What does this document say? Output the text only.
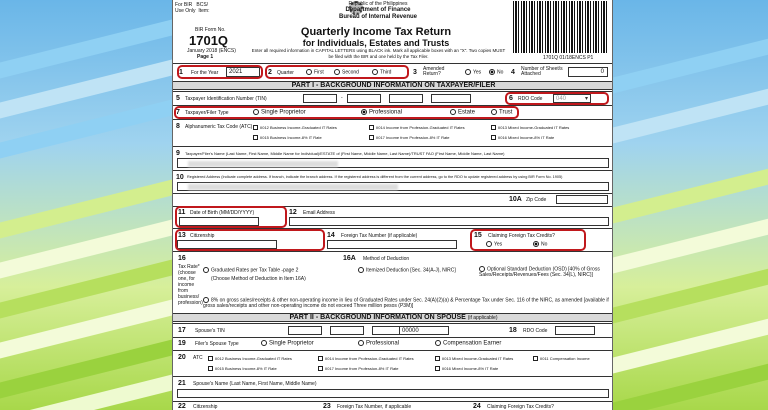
For BIR   BCS/
Use Only  Item:
Republic of the Philippines
Department of Finance
Bureau of Internal Revenue
BIR Form No.
1701Q
January 2018 (ENCS)
Page 1
Quarterly Income Tax Return
for Individuals, Estates and Trusts
Enter all required information in CAPITAL LETTERS using BLACK ink. Mark all applicable boxes with an "X". Two copies MUST be filed with the BIR and one held by the Tax Filer.	1701Q 01/18ENCS P1
1 For the Year	2021	2 Quarter	First	Second	Third	3 Amended Return?	Yes	No 4 Number of Sheet/s Attached	0
PART I - BACKGROUND INFORMATION ON TAXPAYER/FILER
5 Taxpayer Identification Number (TIN)	-	6 RDO Code	040	▾
7 Taxpayer/Filer Type	Single Proprietor	Professional	Estate	Trust
8 Alphanumeric Tax Code (ATC)	II012 Business Income-Graduated IT Rates	II014 Income from Profession-Graduated IT Rates	II013 Mixed Income-Graduated IT Rates
II015 Business Income-8% IT Rate	II017 Income from Profession-8% IT Rate	II016 Mixed Income-8% IT Rate
9 Taxpayer/Filer's Name (Last Name, First Name, Middle Name for Individual)/ESTATE of (First Name, Middle Name, Last Name)/TRUST FAO (First Name, Middle Name, Last Name)
10 Registered Address (Indicate complete address. If branch, indicate the branch address. If the registered address is different from the current address, go to the RDO to update registered address by using BIR Form No. 1905)
10A Zip Code
11 Date of Birth (MM/DD/YYYY)	12 Email Address
13 Citizenship	14 Foreign Tax Number (if applicable)	15 Claiming Foreign Tax Credits?
Yes	No
16
Tax Rate* (choose one, for income from business/ profession)
Graduated Rates per Tax Table -page 2
(Choose Method of Deduction in Item 16A)
16A Method of Deduction
Itemized Deduction [Sec. 34(A-J), NIRC]	Optional Standard Deduction (OSD) [40% of Gross Sales/Receipts/Revenues/Fees (Sec. 34(L), NIRC)]
8% on gross sales/receipts & other non-operating income in lieu of Graduated Rates under Sec. 24(A)(2)(a) & Percentage Tax under Sec. 116 of the NIRC, as amended [available if gross sales/receipts and other non-operating income do not exceed Three million pesos (P3M)]
PART II - BACKGROUND INFORMATION ON SPOUSE (if applicable)
17 Spouse's TIN	00000	18 RDO Code
19 Filer's Spouse Type	Single Proprietor	Professional	Compensation Earner
20 ATC	II012 Business Income-Graduated IT Rates	II014 Income from Profession-Graduated IT Rates	II013 Mixed Income-Graduated IT Rates	II011 Compensation Income
II015 Business Income-8% IT Rate	II017 Income from Profession-8% IT Rate	II016 Mixed Income-8% IT Rate
21 Spouse's Name (Last Name, First Name, Middle Name)
22 Citizenship	23 Foreign Tax Number, if applicable	24 Claiming Foreign Tax Credits?
